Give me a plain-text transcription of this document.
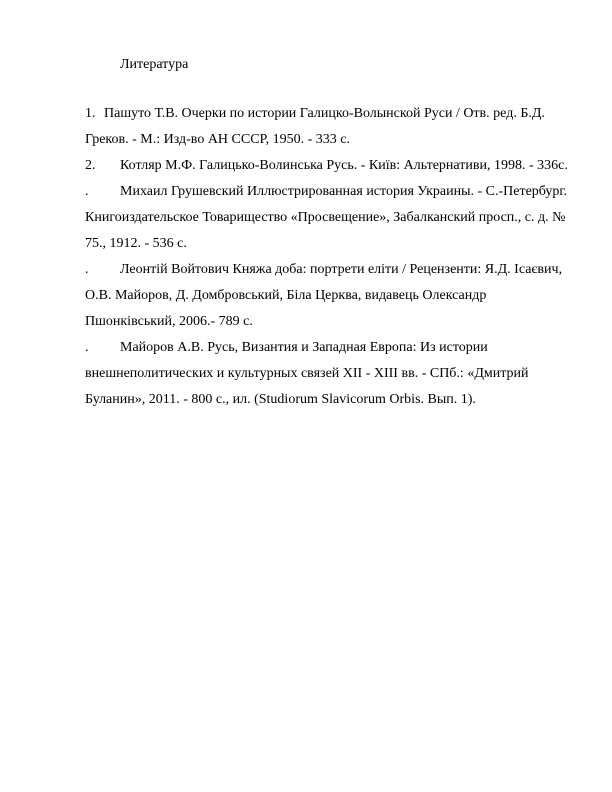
Литература
1. Пашуто Т.В. Очерки по истории Галицко-Волынской Руси / Отв. ред. Б.Д.
Греков. - М.: Изд-во АН СССР, 1950. - 333 с.
2. Котляр М.Ф. Галицько-Волинська Русь. - Київ: Альтернативи, 1998. - 336с.
. Михаил Грушевский Иллюстрированная история Украины. - С.-Петербург.
Книгоиздательское Товарищество «Просвещение», Забалканский просп., с. д. №
75., 1912. - 536 с.
. Леонтій Войтович Княжа доба: портрети еліти / Рецензенти: Я.Д. Ісаєвич,
О.В. Майоров, Д. Домбровський, Біла Церква, видавець Олександр
Пшонківський, 2006.- 789 с.
. Майоров А.В. Русь, Византия и Западная Европа: Из истории
внешнеполитических и культурных связей XII - XIII вв. - СПб.: «Дмитрий
Буланин», 2011. - 800 с., ил. (Studiorum Slavicorum Orbis. Вып. 1).
